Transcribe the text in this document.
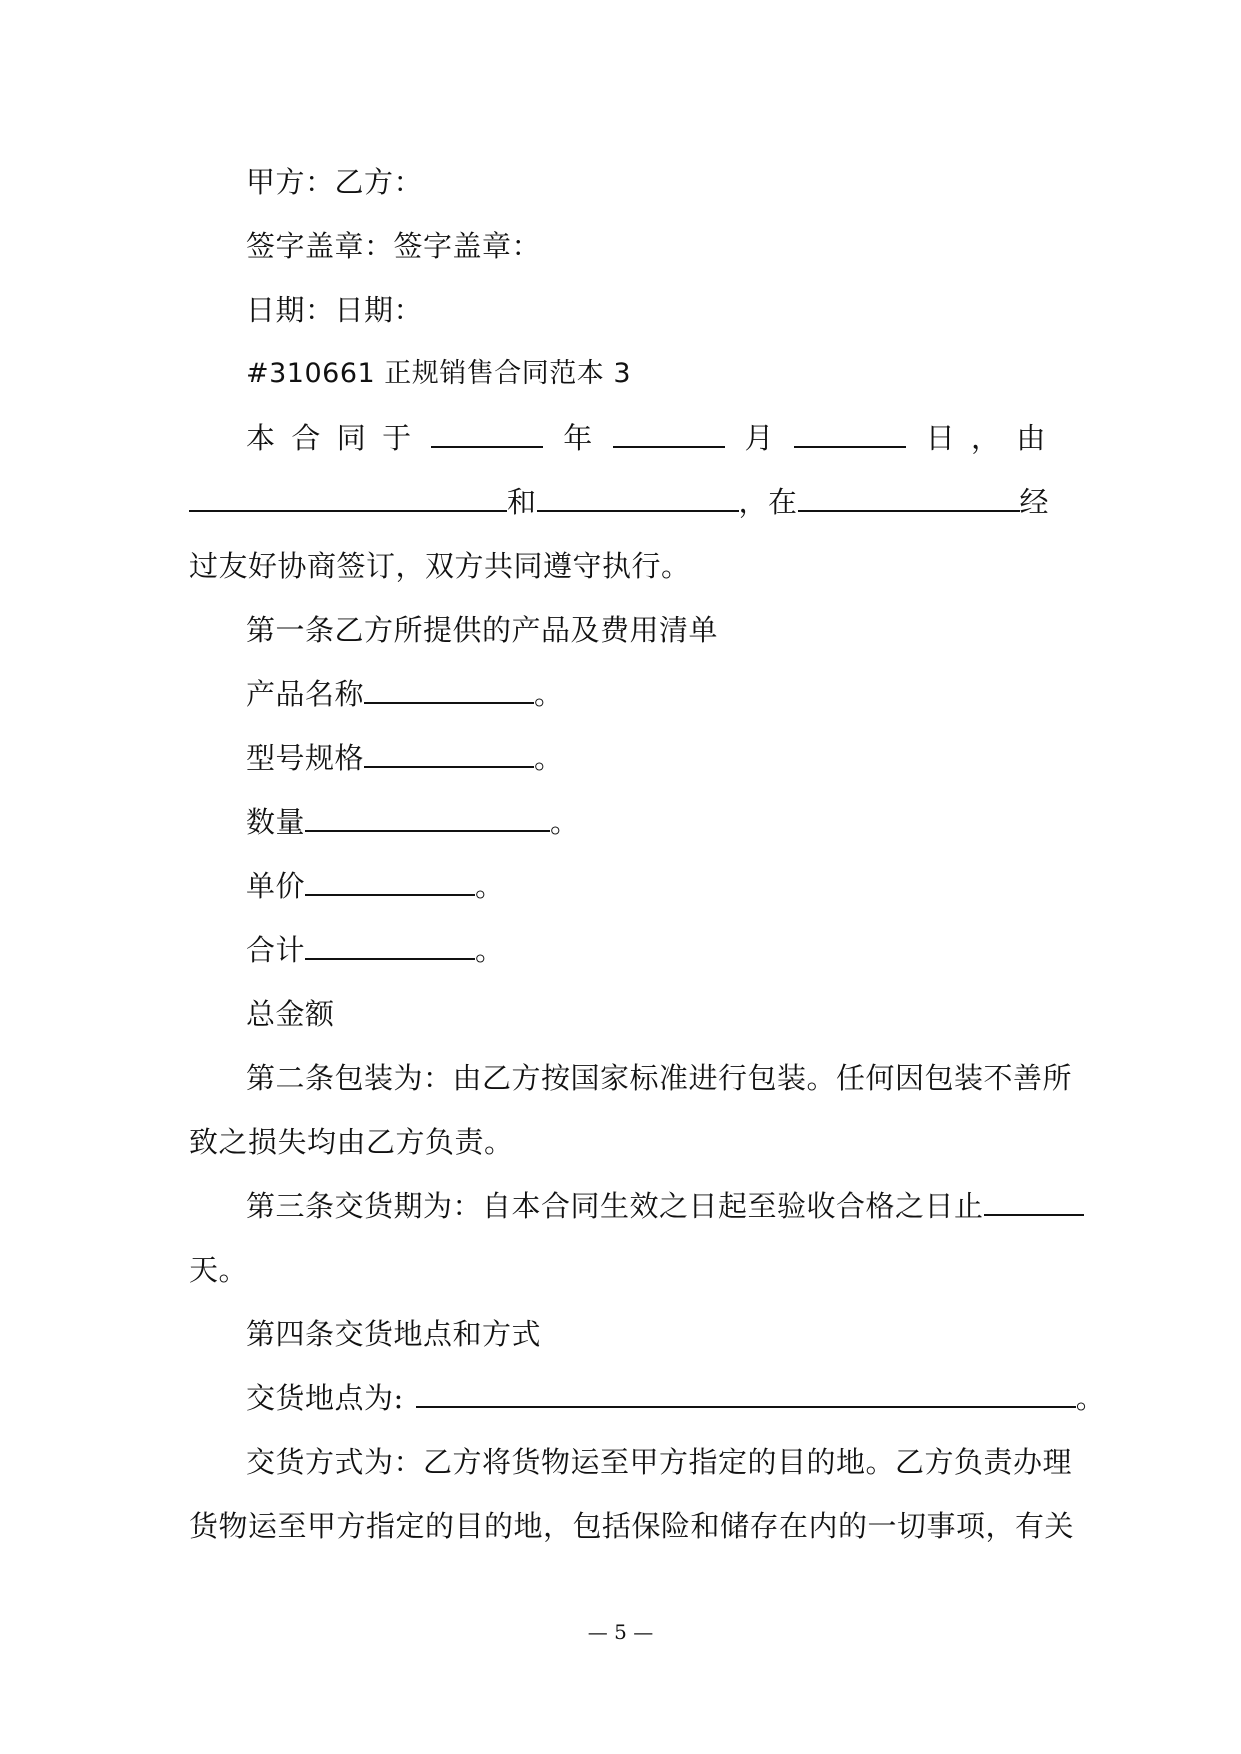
甲方：乙方：
签字盖章：签字盖章：
日期：日期：
#310661 正规销售合同范本 3
本 合 同 于	年	月	日 ， 由
和	，在	经
过友好协商签订，双方共同遵守执行。
第一条乙方所提供的产品及费用清单
产品名称	。
型号规格	。
数量	。
单价	。
合计	。
总金额
第二条包装为：由乙方按国家标准进行包装。任何因包装不善所
致之损失均由乙方负责。
第三条交货期为：自本合同生效之日起至验收合格之日止
天。
第四条交货地点和方式
交货地点为:	。
交货方式为：乙方将货物运至甲方指定的目的地。乙方负责办理
货物运至甲方指定的目的地，包括保险和储存在内的一切事项，有关
— 5 —
